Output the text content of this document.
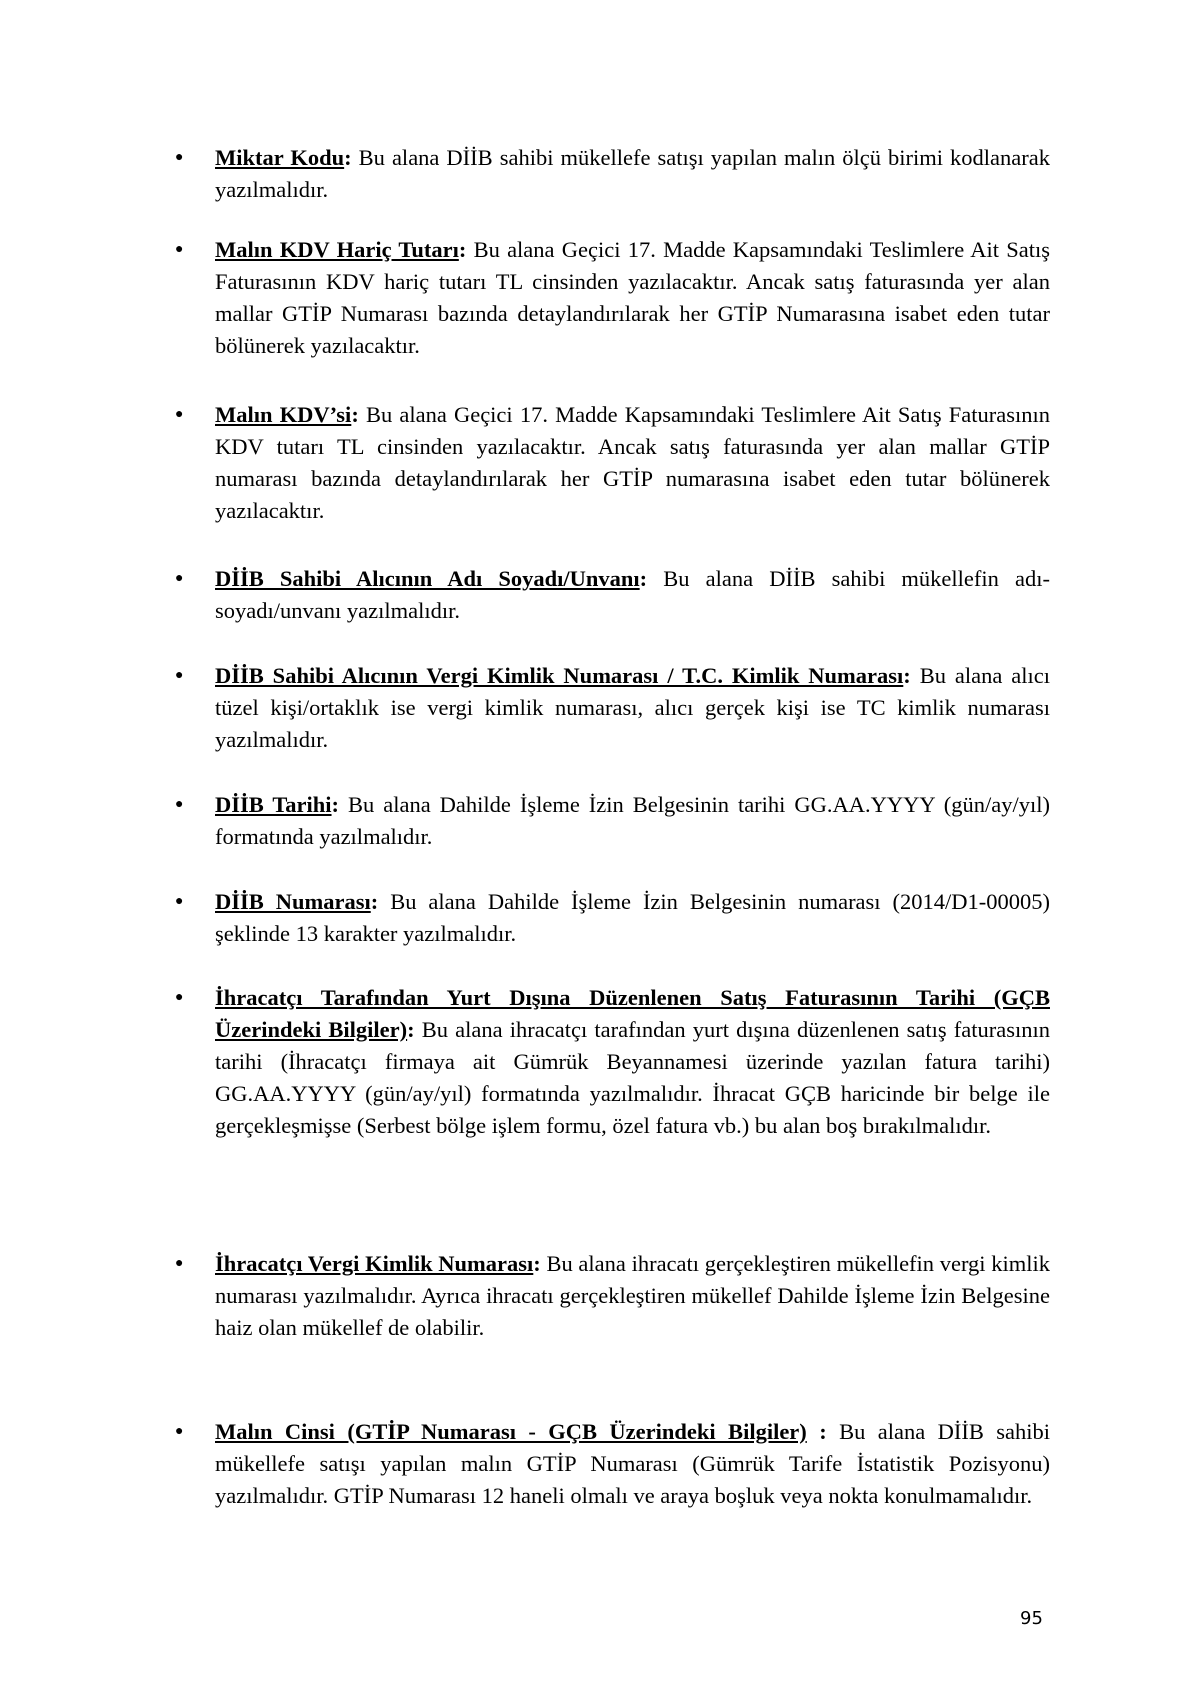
●	Miktar Kodu: Bu alana DİİB sahibi mükellefe satışı yapılan malın ölçü birimi kodlanarak yazılmalıdır.
●	Malın KDV Hariç Tutarı: Bu alana Geçici 17. Madde Kapsamındaki Teslimlere Ait Satış Faturasının KDV hariç tutarı TL cinsinden yazılacaktır. Ancak satış faturasında yer alan mallar GTİP Numarası bazında detaylandırılarak her GTİP Numarasına isabet eden tutar bölünerek yazılacaktır.
●	Malın KDV’si: Bu alana Geçici 17. Madde Kapsamındaki Teslimlere Ait Satış Faturasının KDV tutarı TL cinsinden yazılacaktır. Ancak satış faturasında yer alan mallar GTİP numarası bazında detaylandırılarak her GTİP numarasına isabet eden tutar bölünerek yazılacaktır.
●	DİİB Sahibi Alıcının Adı Soyadı/Unvanı: Bu alana DİİB sahibi mükellefin adı-soyadı/unvanı yazılmalıdır.
●	DİİB Sahibi Alıcının Vergi Kimlik Numarası / T.C. Kimlik Numarası: Bu alana alıcı tüzel kişi/ortaklık ise vergi kimlik numarası, alıcı gerçek kişi ise TC kimlik numarası yazılmalıdır.
●	DİİB Tarihi: Bu alana Dahilde İşleme İzin Belgesinin tarihi GG.AA.YYYY (gün/ay/yıl) formatında yazılmalıdır.
●	DİİB Numarası: Bu alana Dahilde İşleme İzin Belgesinin numarası (2014/D1-00005) şeklinde 13 karakter yazılmalıdır.
●	İhracatçı Tarafından Yurt Dışına Düzenlenen Satış Faturasının Tarihi (GÇB Üzerindeki Bilgiler): Bu alana ihracatçı tarafından yurt dışına düzenlenen satış faturasının tarihi (İhracatçı firmaya ait Gümrük Beyannamesi üzerinde yazılan fatura tarihi) GG.AA.YYYY (gün/ay/yıl) formatında yazılmalıdır. İhracat GÇB haricinde bir belge ile gerçekleşmişse (Serbest bölge işlem formu, özel fatura vb.) bu alan boş bırakılmalıdır.
●	İhracatçı Vergi Kimlik Numarası: Bu alana ihracatı gerçekleştiren mükellefin vergi kimlik numarası yazılmalıdır. Ayrıca ihracatı gerçekleştiren mükellef Dahilde İşleme İzin Belgesine haiz olan mükellef de olabilir.
●	Malın Cinsi (GTİP Numarası - GÇB Üzerindeki Bilgiler) : Bu alana DİİB sahibi mükellefe satışı yapılan malın GTİP Numarası (Gümrük Tarife İstatistik Pozisyonu) yazılmalıdır. GTİP Numarası 12 haneli olmalı ve araya boşluk veya nokta konulmamalıdır.
95
